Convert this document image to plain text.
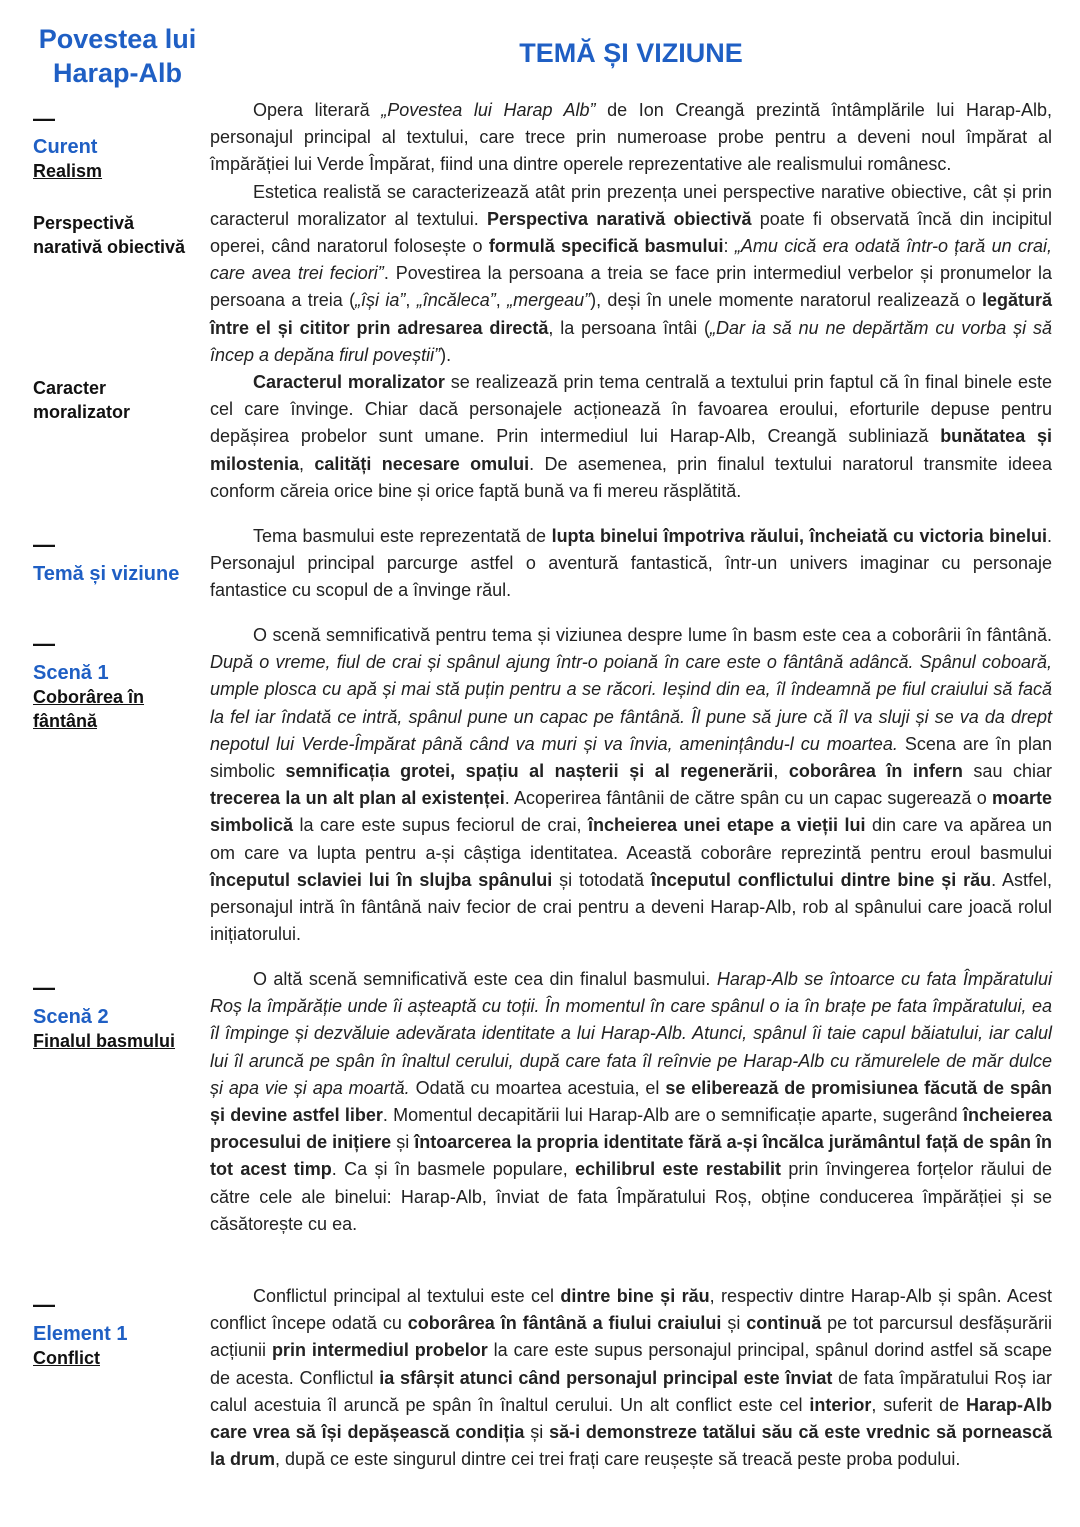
Povestea lui Harap-Alb
TEMĂ ȘI VIZIUNE
—
Curent
Realism
Perspectivă narativă obiectivă
Caracter moralizator
—
Temă și viziune
—
Scenă 1
Coborârea în fântână
—
Scenă 2
Finalul basmului
—
Element 1
Conflict

Opera literară „Povestea lui Harap Alb” de Ion Creangă prezintă întâmplările lui Harap-Alb, personajul principal al textului, care trece prin numeroase probe pentru a deveni noul împărat al împărăției lui Verde Împărat, fiind una dintre operele reprezentative ale realismului românesc.

Estetica realistă se caracterizează atât prin prezența unei perspective narative obiective, cât și prin caracterul moralizator al textului. Perspectiva narativă obiectivă poate fi observată încă din incipitul operei, când naratorul folosește o formulă specifică basmului: „Amu cică era odată într-o țară un crai, care avea trei feciori”. Povestirea la persoana a treia se face prin intermediul verbelor și pronumelor la persoana a treia („își ia”, „încăleca”, „mergeau”), deși în unele momente naratorul realizează o legătură între el și cititor prin adresarea directă, la persoana întâi („Dar ia să nu ne depărtăm cu vorba și să încep a depăna firul poveștii”).

Caracterul moralizator se realizează prin tema centrală a textului prin faptul că în final binele este cel care învinge. Chiar dacă personajele acționează în favoarea eroului, eforturile depuse pentru depășirea probelor sunt umane. Prin intermediul lui Harap-Alb, Creangă subliniază bunătatea și milostenia, calități necesare omului. De asemenea, prin finalul textului naratorul transmite ideea conform căreia orice bine și orice faptă bună va fi mereu răsplătită.

Tema basmului este reprezentată de lupta binelui împotriva răului, încheiată cu victoria binelui. Personajul principal parcurge astfel o aventură fantastică, într-un univers imaginar cu personaje fantastice cu scopul de a învinge răul.

O scenă semnificativă pentru tema și viziunea despre lume în basm este cea a coborârii în fântână. După o vreme, fiul de crai și spânul ajung într-o poiană în care este o fântână adâncă. Spânul coboară, umple plosca cu apă și mai stă puțin pentru a se răcori. Ieșind din ea, îl îndeamnă pe fiul craiului să facă la fel iar îndată ce intră, spânul pune un capac pe fântână. Îl pune să jure că îl va sluji și se va da drept nepotul lui Verde-Împărat până când va muri și va învia, amenințându-l cu moartea. Scena are în plan simbolic semnificația grotei, spațiu al nașterii și al regenerării, coborârea în infern sau chiar trecerea la un alt plan al existenței. Acoperirea fântânii de către spân cu un capac sugerează o moarte simbolică la care este supus feciorul de crai, încheierea unei etape a vieții lui din care va apărea un om care va lupta pentru a-și câștiga identitatea. Această coborâre reprezintă pentru eroul basmului începutul sclaviei lui în slujba spânului și totodată începutul conflictului dintre bine și rău. Astfel, personajul intră în fântână naiv fecior de crai pentru a deveni Harap-Alb, rob al spânului care joacă rolul inițiatorului.

O altă scenă semnificativă este cea din finalul basmului. Harap-Alb se întoarce cu fata Împăratului Roș la împărăție unde îi așteaptă cu toții. În momentul în care spânul o ia în brațe pe fata împăratului, ea îl împinge și dezvăluie adevărata identitate a lui Harap-Alb. Atunci, spânul îi taie capul băiatului, iar calul lui îl aruncă pe spân în înaltul cerului, după care fata îl reînvie pe Harap-Alb cu rămurelele de măr dulce și apa vie și apa moartă. Odată cu moartea acestuia, el se eliberează de promisiunea făcută de spân și devine astfel liber. Momentul decapitării lui Harap-Alb are o semnificație aparte, sugerând încheierea procesului de inițiere și întoarcerea la propria identitate fără a-și încălca jurământul față de spân în tot acest timp. Ca și în basmele populare, echilibrul este restabilit prin învingerea forțelor răului de către cele ale binelui: Harap-Alb, înviat de fata Împăratului Roș, obține conducerea împărăției și se căsătorește cu ea.

Conflictul principal al textului este cel dintre bine și rău, respectiv dintre Harap-Alb și spân. Acest conflict începe odată cu coborârea în fântână a fiului craiului și continuă pe tot parcursul desfășurării acțiunii prin intermediul probelor la care este supus personajul principal, spânul dorind astfel să scape de acesta. Conflictul ia sfârșit atunci când personajul principal este înviat de fata împăratului Roș iar calul acestuia îl aruncă pe spân în înaltul cerului. Un alt conflict este cel interior, suferit de Harap-Alb care vrea să își depășească condiția și să-i demonstreze tatălui său că este vrednic să pornească la drum, după ce este singurul dintre cei trei frați care reușește să treacă peste proba podului.
